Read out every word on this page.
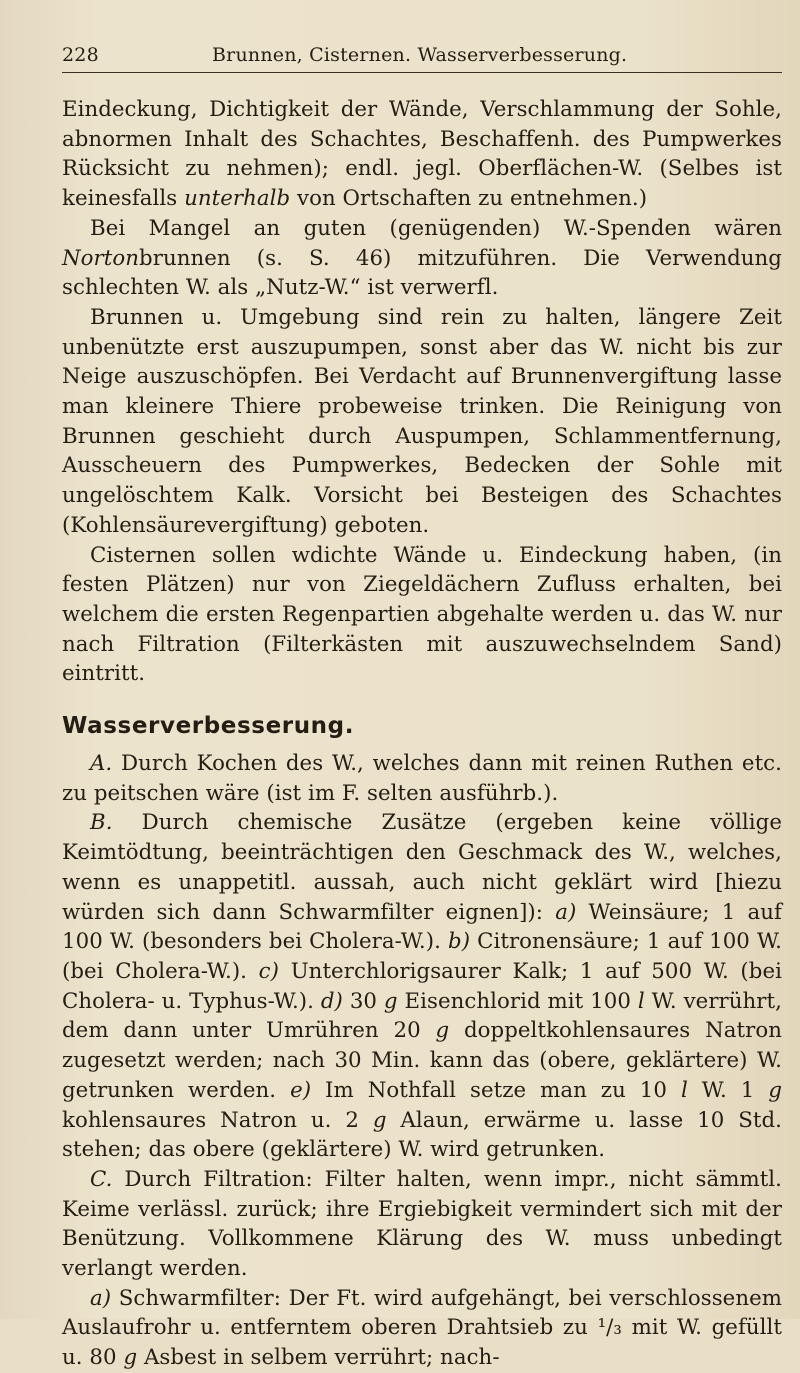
228	Brunnen, Cisternen. Wasserverbesserung.

Eindeckung, Dichtigkeit der Wände, Verschlammung der Sohle, abnormen Inhalt des Schachtes, Beschaffenh. des Pumpwerkes Rücksicht zu nehmen); endl. jegl. Oberflächen-W. (Selbes ist keinesfalls unterhalb von Ortschaften zu entnehmen.)

Bei Mangel an guten (genügenden) W.-Spenden wären Nortonbrunnen (s. S. 46) mitzuführen. Die Verwendung schlechten W. als „Nutz-W.“ ist verwerfl.

Brunnen u. Umgebung sind rein zu halten, längere Zeit unbenützte erst auszupumpen, sonst aber das W. nicht bis zur Neige auszuschöpfen. Bei Verdacht auf Brunnenvergiftung lasse man kleinere Thiere probeweise trinken. Die Reinigung von Brunnen geschieht durch Auspumpen, Schlammentfernung, Ausscheuern des Pumpwerkes, Bedecken der Sohle mit ungelöschtem Kalk. Vorsicht bei Besteigen des Schachtes (Kohlensäurevergiftung) geboten.

Cisternen sollen wdichte Wände u. Eindeckung haben, (in festen Plätzen) nur von Ziegeldächern Zufluss erhalten, bei welchem die ersten Regenpartien abgehalte werden u. das W. nur nach Filtration (Filterkästen mit auszuwechselndem Sand) eintritt.

Wasserverbesserung.

A. Durch Kochen des W., welches dann mit reinen Ruthen etc. zu peitschen wäre (ist im F. selten ausführb.).

B. Durch chemische Zusätze (ergeben keine völlige Keimtödtung, beeinträchtigen den Geschmack des W., welches, wenn es unappetitl. aussah, auch nicht geklärt wird [hiezu würden sich dann Schwarmfilter eignen]): a) Weinsäure; 1 auf 100 W. (besonders bei Cholera-W.). b) Citronensäure; 1 auf 100 W. (bei Cholera-W.). c) Unterchlorigsaurer Kalk; 1 auf 500 W. (bei Cholera- u. Typhus-W.). d) 30 g Eisenchlorid mit 100 l W. verrührt, dem dann unter Umrühren 20 g doppeltkohlensaures Natron zugesetzt werden; nach 30 Min. kann das (obere, geklärtere) W. getrunken werden. e) Im Nothfall setze man zu 10 l W. 1 g kohlensaures Natron u. 2 g Alaun, erwärme u. lasse 10 Std. stehen; das obere (geklärtere) W. wird getrunken.

C. Durch Filtration: Filter halten, wenn impr., nicht sämmtl. Keime verlässl. zurück; ihre Ergiebigkeit vermindert sich mit der Benützung. Vollkommene Klärung des W. muss unbedingt verlangt werden.

a) Schwarmfilter: Der Ft. wird aufgehängt, bei verschlossenem Auslaufrohr u. entferntem oberen Drahtsieb zu ¹/₃ mit W. gefüllt u. 80 g Asbest in selbem verrührt; nach-
